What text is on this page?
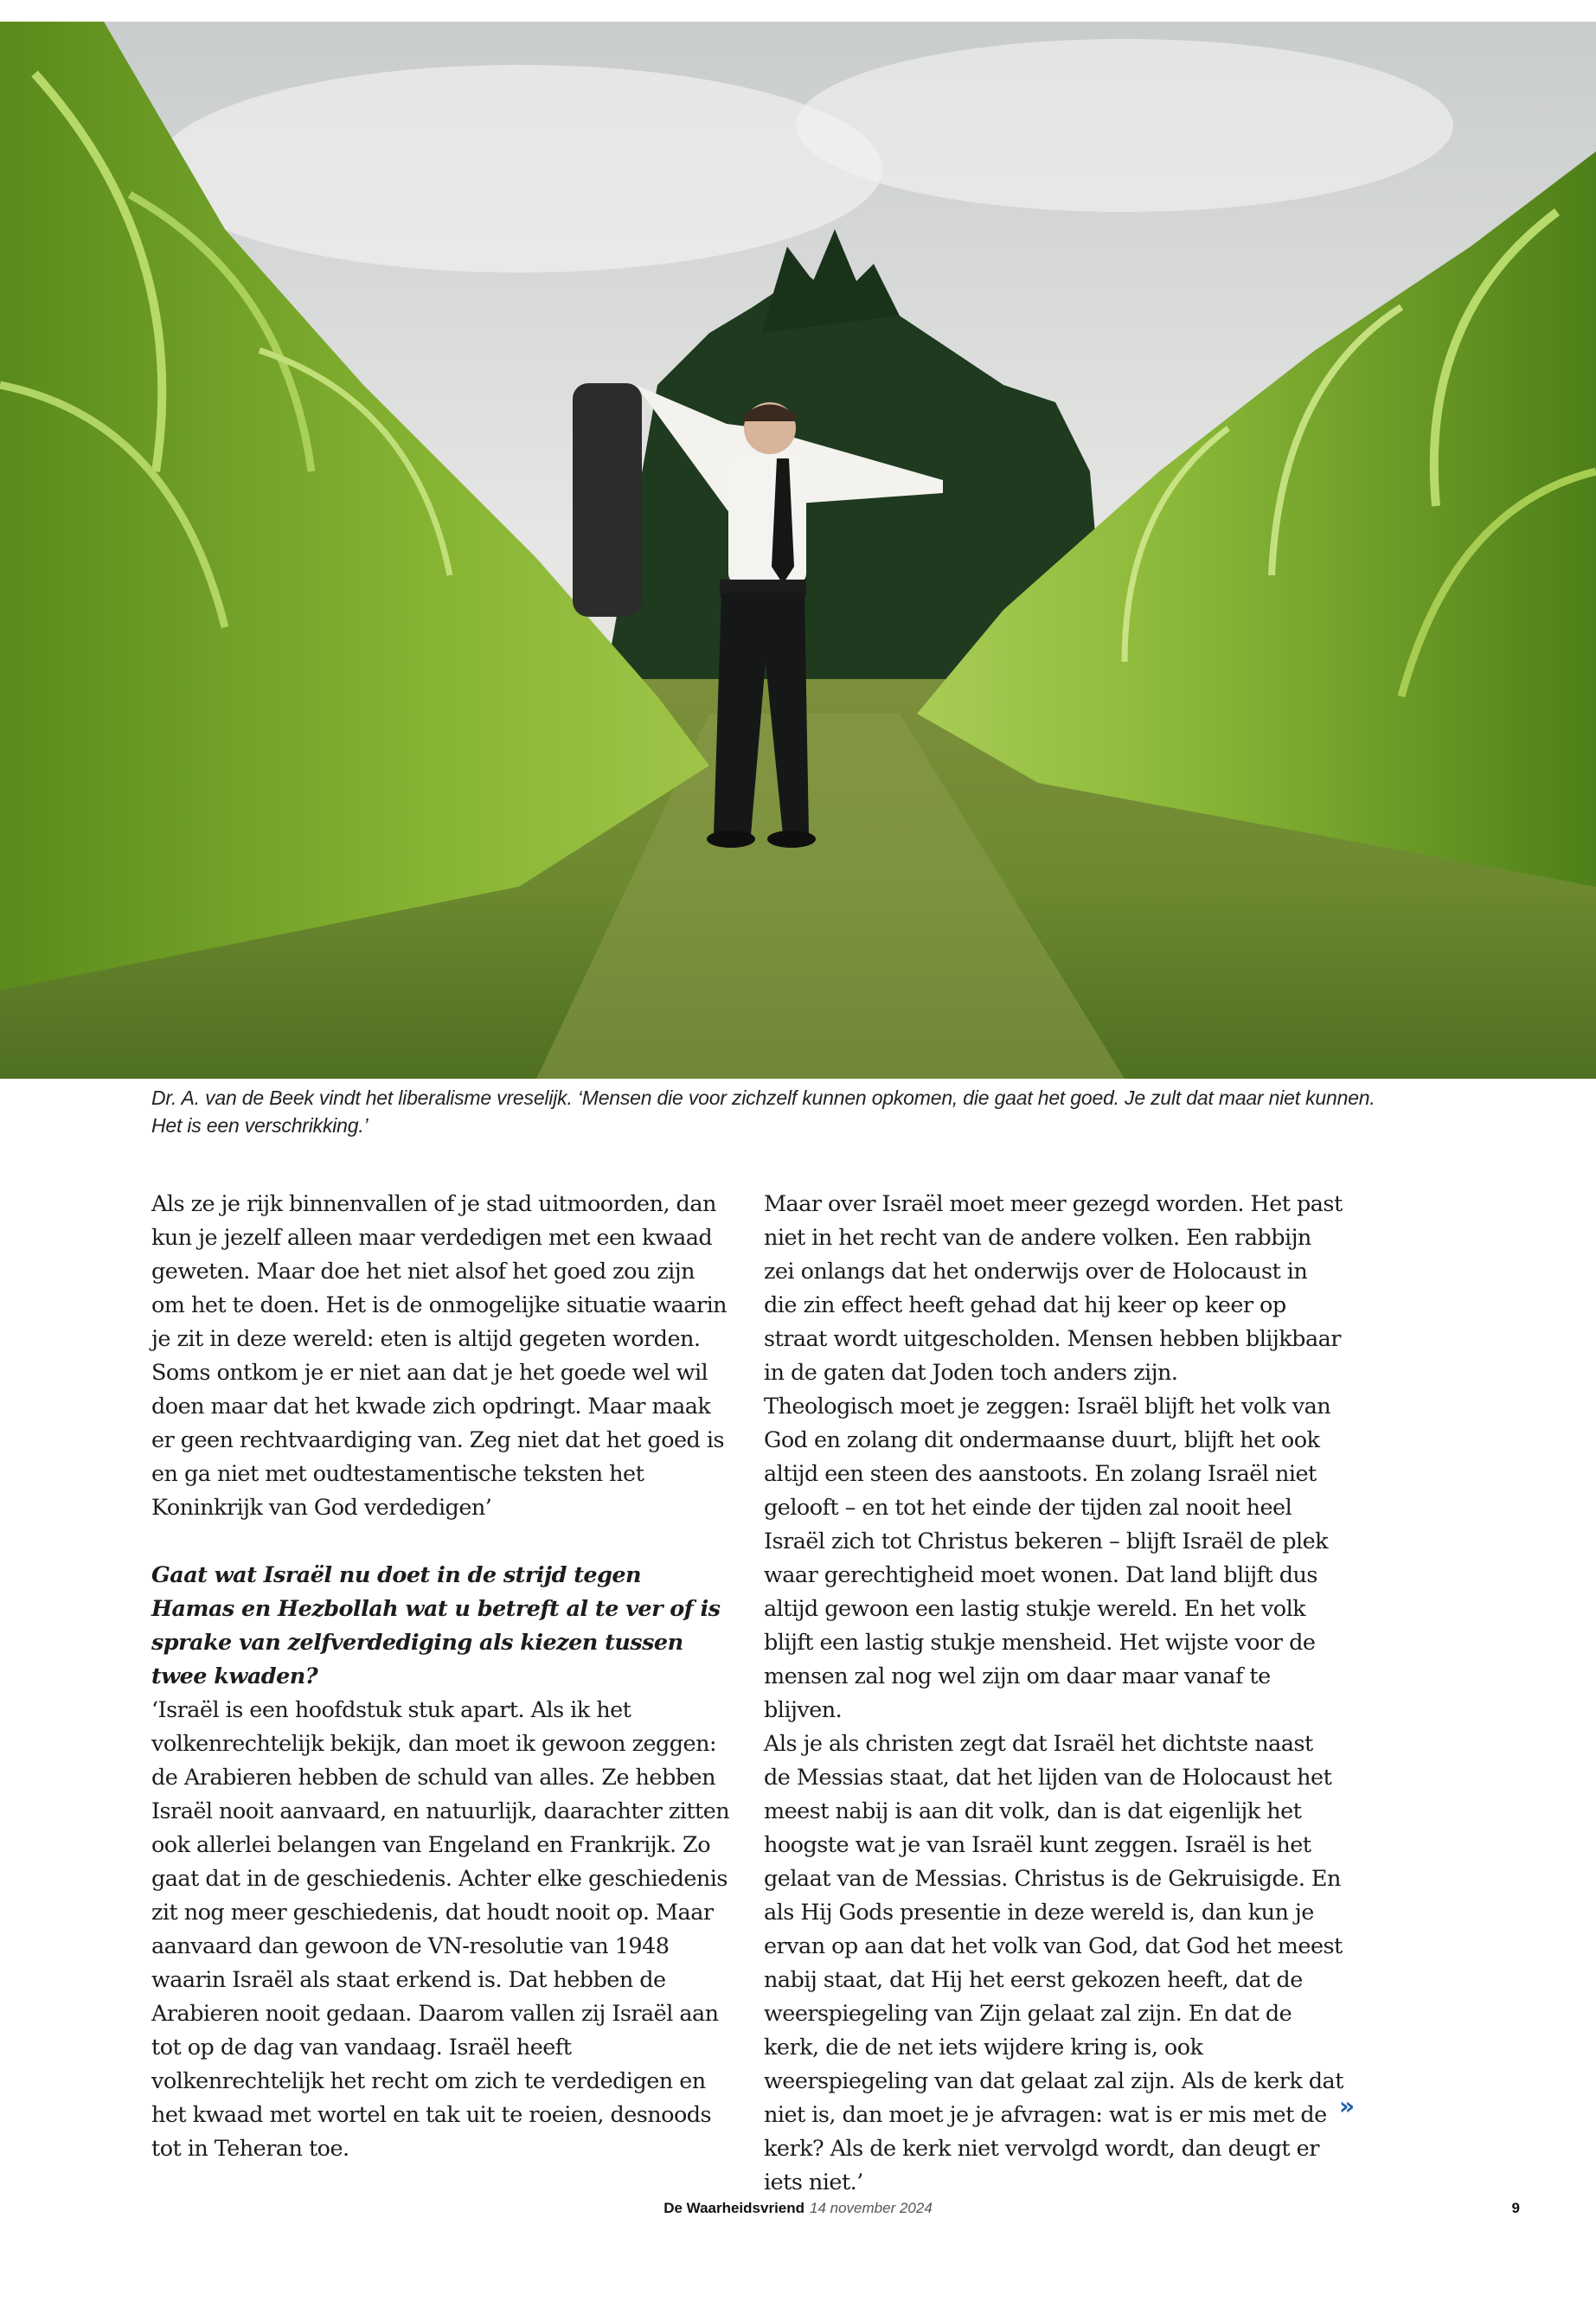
Dr. A. van de Beek vindt het liberalisme vreselijk. ‘Mensen die voor zichzelf kunnen opkomen, die gaat het goed. Je zult dat maar niet kunnen. Het is een verschrikking.’

Als ze je rijk binnenvallen of je stad uitmoorden, dan kun je jezelf alleen maar verdedigen met een kwaad geweten. Maar doe het niet alsof het goed zou zijn om het te doen. Het is de onmogelijke situatie waarin je zit in deze wereld: eten is altijd gegeten worden. Soms ontkom je er niet aan dat je het goede wel wil doen maar dat het kwade zich opdringt. Maar maak er geen rechtvaardiging van. Zeg niet dat het goed is en ga niet met oudtestamentische teksten het Koninkrijk van God verdedigen’

Gaat wat Israël nu doet in de strijd tegen Hamas en Hezbollah wat u betreft al te ver of is sprake van zelfverdediging als kiezen tussen twee kwaden?

‘Israël is een hoofdstuk stuk apart. Als ik het volkenrechtelijk bekijk, dan moet ik gewoon zeggen: de Arabieren hebben de schuld van alles. Ze hebben Israël nooit aanvaard, en natuurlijk, daarachter zitten ook allerlei belangen van Engeland en Frankrijk. Zo gaat dat in de geschiedenis. Achter elke geschiedenis zit nog meer geschiedenis, dat houdt nooit op. Maar aanvaard dan gewoon de VN-resolutie van 1948 waarin Israël als staat erkend is. Dat hebben de Arabieren nooit gedaan. Daarom vallen zij Israël aan tot op de dag van vandaag. Israël heeft volkenrechtelijk het recht om zich te verdedigen en het kwaad met wortel en tak uit te roeien, desnoods tot in Teheran toe.

Maar over Israël moet meer gezegd worden. Het past niet in het recht van de andere volken. Een rabbijn zei onlangs dat het onderwijs over de Holocaust in die zin effect heeft gehad dat hij keer op keer op straat wordt uitgescholden. Mensen hebben blijkbaar in de gaten dat Joden toch anders zijn.

Theologisch moet je zeggen: Israël blijft het volk van God en zolang dit ondermaanse duurt, blijft het ook altijd een steen des aanstoots. En zolang Israël niet gelooft – en tot het einde der tijden zal nooit heel Israël zich tot Christus bekeren – blijft Israël de plek waar gerechtigheid moet wonen. Dat land blijft dus altijd gewoon een lastig stukje wereld. En het volk blijft een lastig stukje mensheid. Het wijste voor de mensen zal nog wel zijn om daar maar vanaf te blijven.

Als je als christen zegt dat Israël het dichtste naast de Messias staat, dat het lijden van de Holocaust het meest nabij is aan dit volk, dan is dat eigenlijk het hoogste wat je van Israël kunt zeggen. Israël is het gelaat van de Messias. Christus is de Gekruisigde. En als Hij Gods presentie in deze wereld is, dan kun je ervan op aan dat het volk van God, dat God het meest nabij staat, dat Hij het eerst gekozen heeft, dat de weerspiegeling van Zijn gelaat zal zijn. En dat de kerk, die de net iets wijdere kring is, ook weerspiegeling van dat gelaat zal zijn. Als de kerk dat niet is, dan moet je je afvragen: wat is er mis met de kerk? Als de kerk niet vervolgd wordt, dan deugt er iets niet.’

»
De Waarheidsvriend 14 november 2024	9
